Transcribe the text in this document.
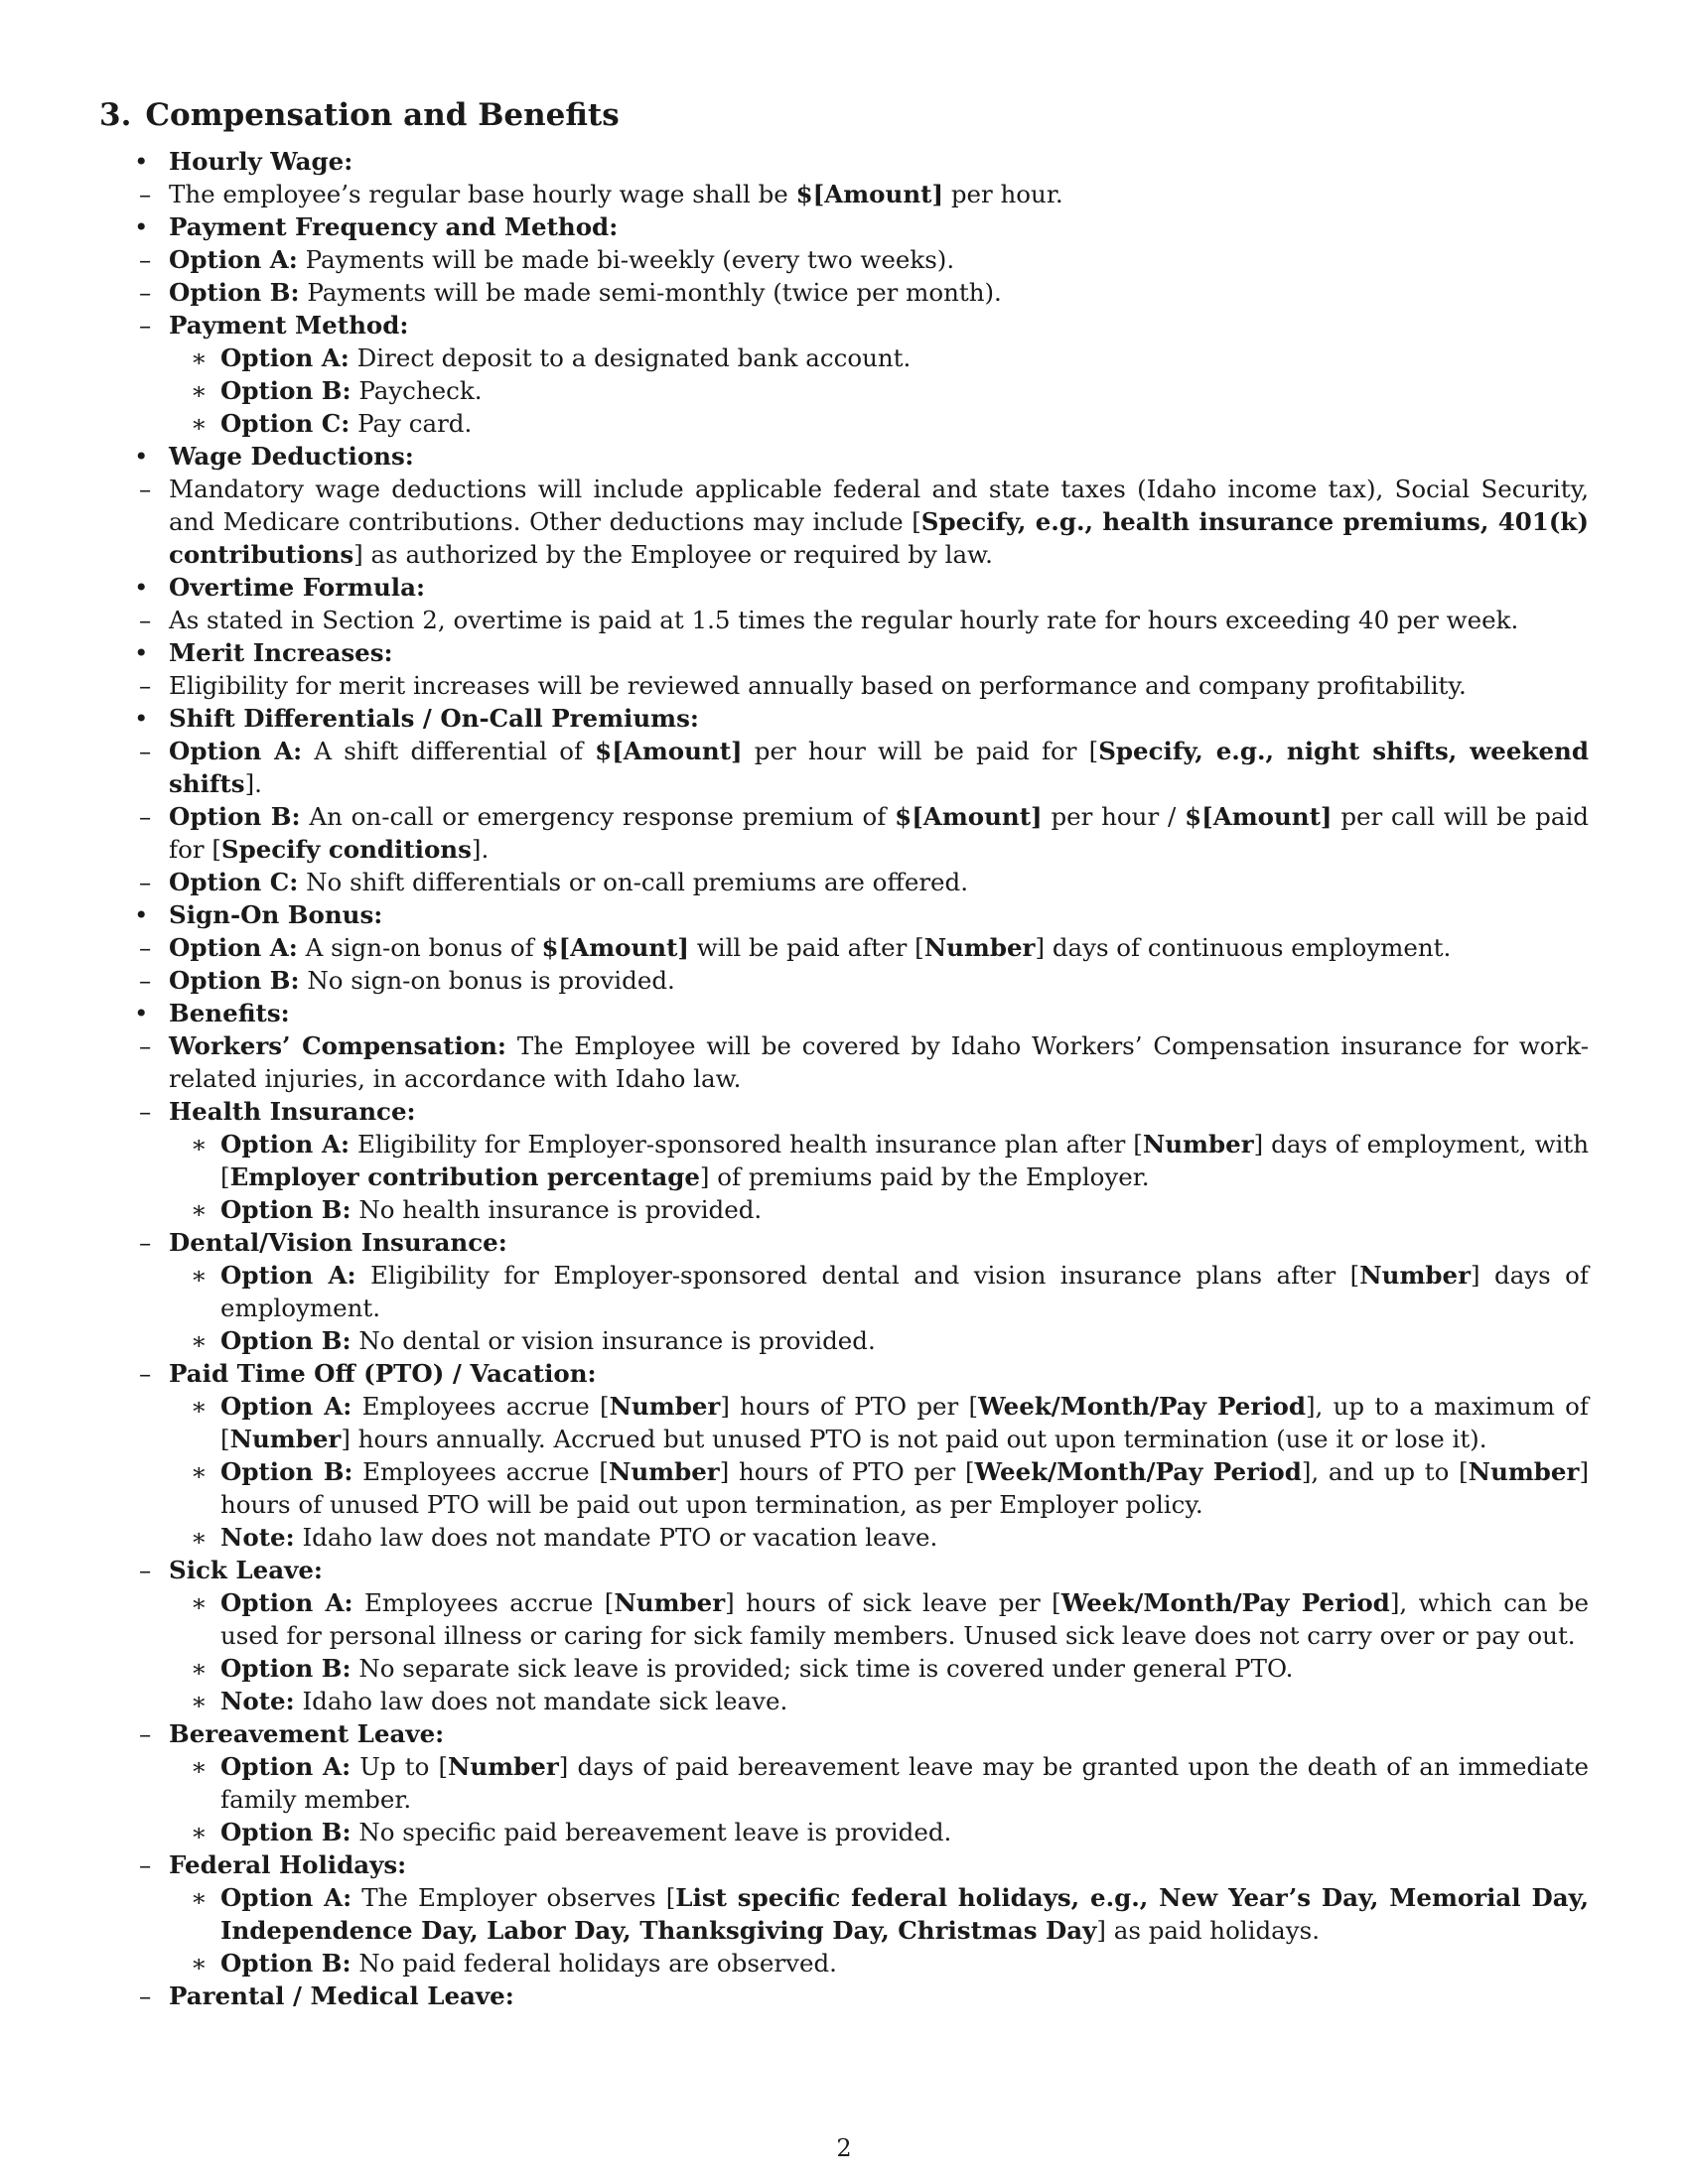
3. Compensation and Benefits
• Hourly Wage:
– The employee’s regular base hourly wage shall be $[Amount] per hour.
• Payment Frequency and Method:
– Option A: Payments will be made bi-weekly (every two weeks).
– Option B: Payments will be made semi-monthly (twice per month).
– Payment Method:
∗ Option A: Direct deposit to a designated bank account.
∗ Option B: Paycheck.
∗ Option C: Pay card.
• Wage Deductions:
– Mandatory wage deductions will include applicable federal and state taxes (Idaho income tax), Social Security, and Medicare contributions. Other deductions may include [Specify, e.g., health insurance premiums, 401(k) contributions] as authorized by the Employee or required by law.
• Overtime Formula:
– As stated in Section 2, overtime is paid at 1.5 times the regular hourly rate for hours exceeding 40 per week.
• Merit Increases:
– Eligibility for merit increases will be reviewed annually based on performance and company profitability.
• Shift Differentials / On-Call Premiums:
– Option A: A shift differential of $[Amount] per hour will be paid for [Specify, e.g., night shifts, weekend shifts].
– Option B: An on-call or emergency response premium of $[Amount] per hour / $[Amount] per call will be paid for [Specify conditions].
– Option C: No shift differentials or on-call premiums are offered.
• Sign-On Bonus:
– Option A: A sign-on bonus of $[Amount] will be paid after [Number] days of continuous employment.
– Option B: No sign-on bonus is provided.
• Benefits:
– Workers’ Compensation: The Employee will be covered by Idaho Workers’ Compensation insurance for work-related injuries, in accordance with Idaho law.
– Health Insurance:
∗ Option A: Eligibility for Employer-sponsored health insurance plan after [Number] days of employment, with [Employer contribution percentage] of premiums paid by the Employer.
∗ Option B: No health insurance is provided.
– Dental/Vision Insurance:
∗ Option A: Eligibility for Employer-sponsored dental and vision insurance plans after [Number] days of employment.
∗ Option B: No dental or vision insurance is provided.
– Paid Time Off (PTO) / Vacation:
∗ Option A: Employees accrue [Number] hours of PTO per [Week/Month/Pay Period], up to a maximum of [Number] hours annually. Accrued but unused PTO is not paid out upon termination (use it or lose it).
∗ Option B: Employees accrue [Number] hours of PTO per [Week/Month/Pay Period], and up to [Number] hours of unused PTO will be paid out upon termination, as per Employer policy.
∗ Note: Idaho law does not mandate PTO or vacation leave.
– Sick Leave:
∗ Option A: Employees accrue [Number] hours of sick leave per [Week/Month/Pay Period], which can be used for personal illness or caring for sick family members. Unused sick leave does not carry over or pay out.
∗ Option B: No separate sick leave is provided; sick time is covered under general PTO.
∗ Note: Idaho law does not mandate sick leave.
– Bereavement Leave:
∗ Option A: Up to [Number] days of paid bereavement leave may be granted upon the death of an immediate family member.
∗ Option B: No specific paid bereavement leave is provided.
– Federal Holidays:
∗ Option A: The Employer observes [List specific federal holidays, e.g., New Year’s Day, Memorial Day, Independence Day, Labor Day, Thanksgiving Day, Christmas Day] as paid holidays.
∗ Option B: No paid federal holidays are observed.
– Parental / Medical Leave:
2
